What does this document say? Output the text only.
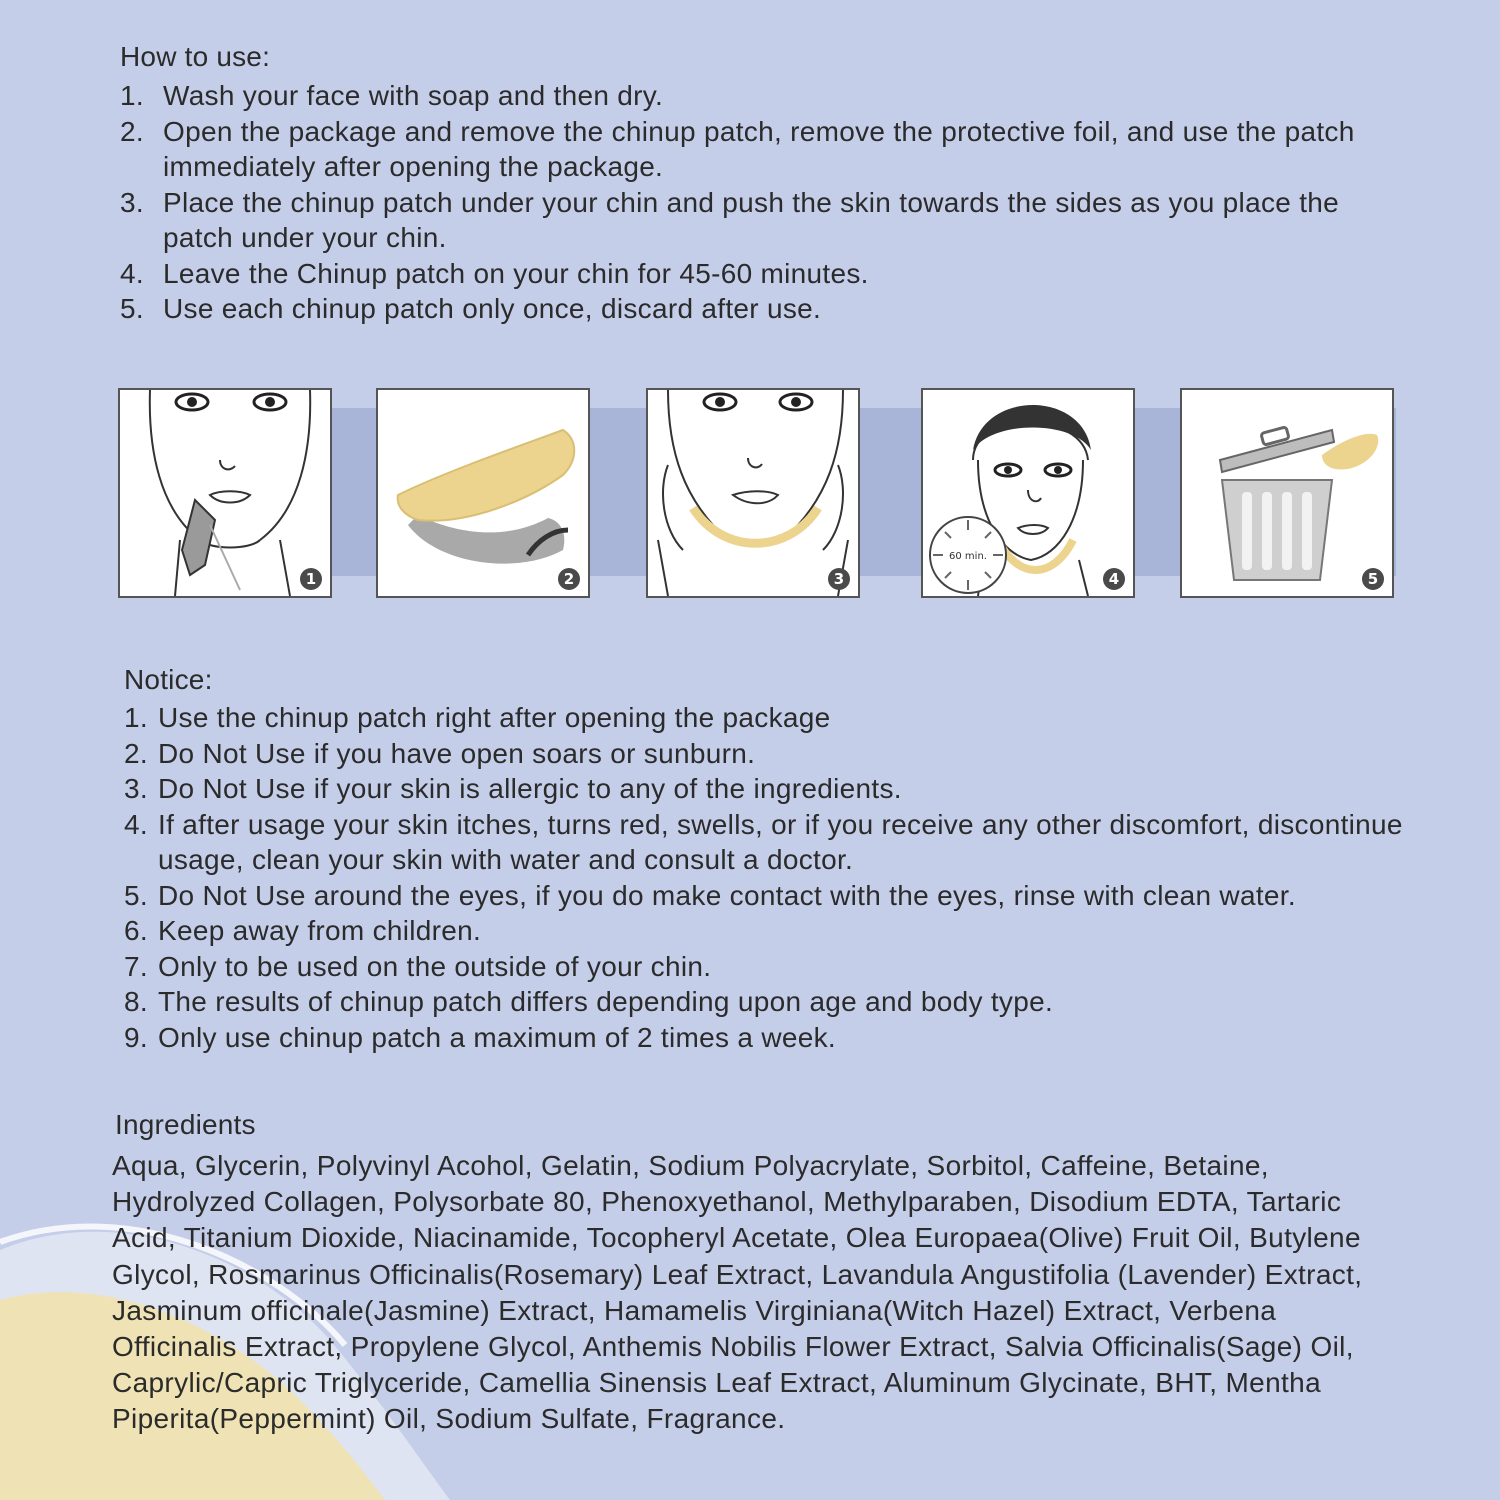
How to use:
1. Wash your face with soap and then dry.
2. Open the package and remove the chinup patch, remove the protective foil, and use the patch immediately after opening the package.
3. Place the chinup patch under your chin and push the skin towards the sides as you place the patch under your chin.
4. Leave the Chinup patch on your chin for 45-60 minutes.
5. Use each chinup patch only once, discard after use.
1	2	3
60 min.
4	5
Notice:
1. Use the chinup patch right after opening the package
2. Do Not Use if you have open soars or sunburn.
3. Do Not Use if your skin is allergic to any of the ingredients.
4. If after usage your skin itches, turns red, swells, or if you receive any other discomfort, discontinue usage, clean your skin with water and consult a doctor.
5. Do Not Use around the eyes, if you do make contact with the eyes, rinse with clean water.
6. Keep away from children.
7. Only to be used on the outside of your chin.
8. The results of chinup patch differs depending upon age and body type.
9. Only use chinup patch a maximum of 2 times a week.
Ingredients

Aqua, Glycerin, Polyvinyl Acohol, Gelatin, Sodium Polyacrylate, Sorbitol, Caffeine, Betaine, Hydrolyzed Collagen, Polysorbate 80, Phenoxyethanol, Methylparaben, Disodium EDTA, Tartaric Acid, Titanium Dioxide, Niacinamide, Tocopheryl Acetate, Olea Europaea(Olive) Fruit Oil, Butylene Glycol, Rosmarinus Officinalis(Rosemary) Leaf Extract, Lavandula Angustifolia (Lavender) Extract, Jasminum officinale(Jasmine) Extract, Hamamelis Virginiana(Witch Hazel) Extract, Verbena Officinalis Extract, Propylene Glycol, Anthemis Nobilis Flower Extract, Salvia Officinalis(Sage) Oil, Caprylic/Capric Triglyceride, Camellia Sinensis Leaf Extract, Aluminum Glycinate, BHT, Mentha Piperita(Peppermint) Oil, Sodium Sulfate, Fragrance.
